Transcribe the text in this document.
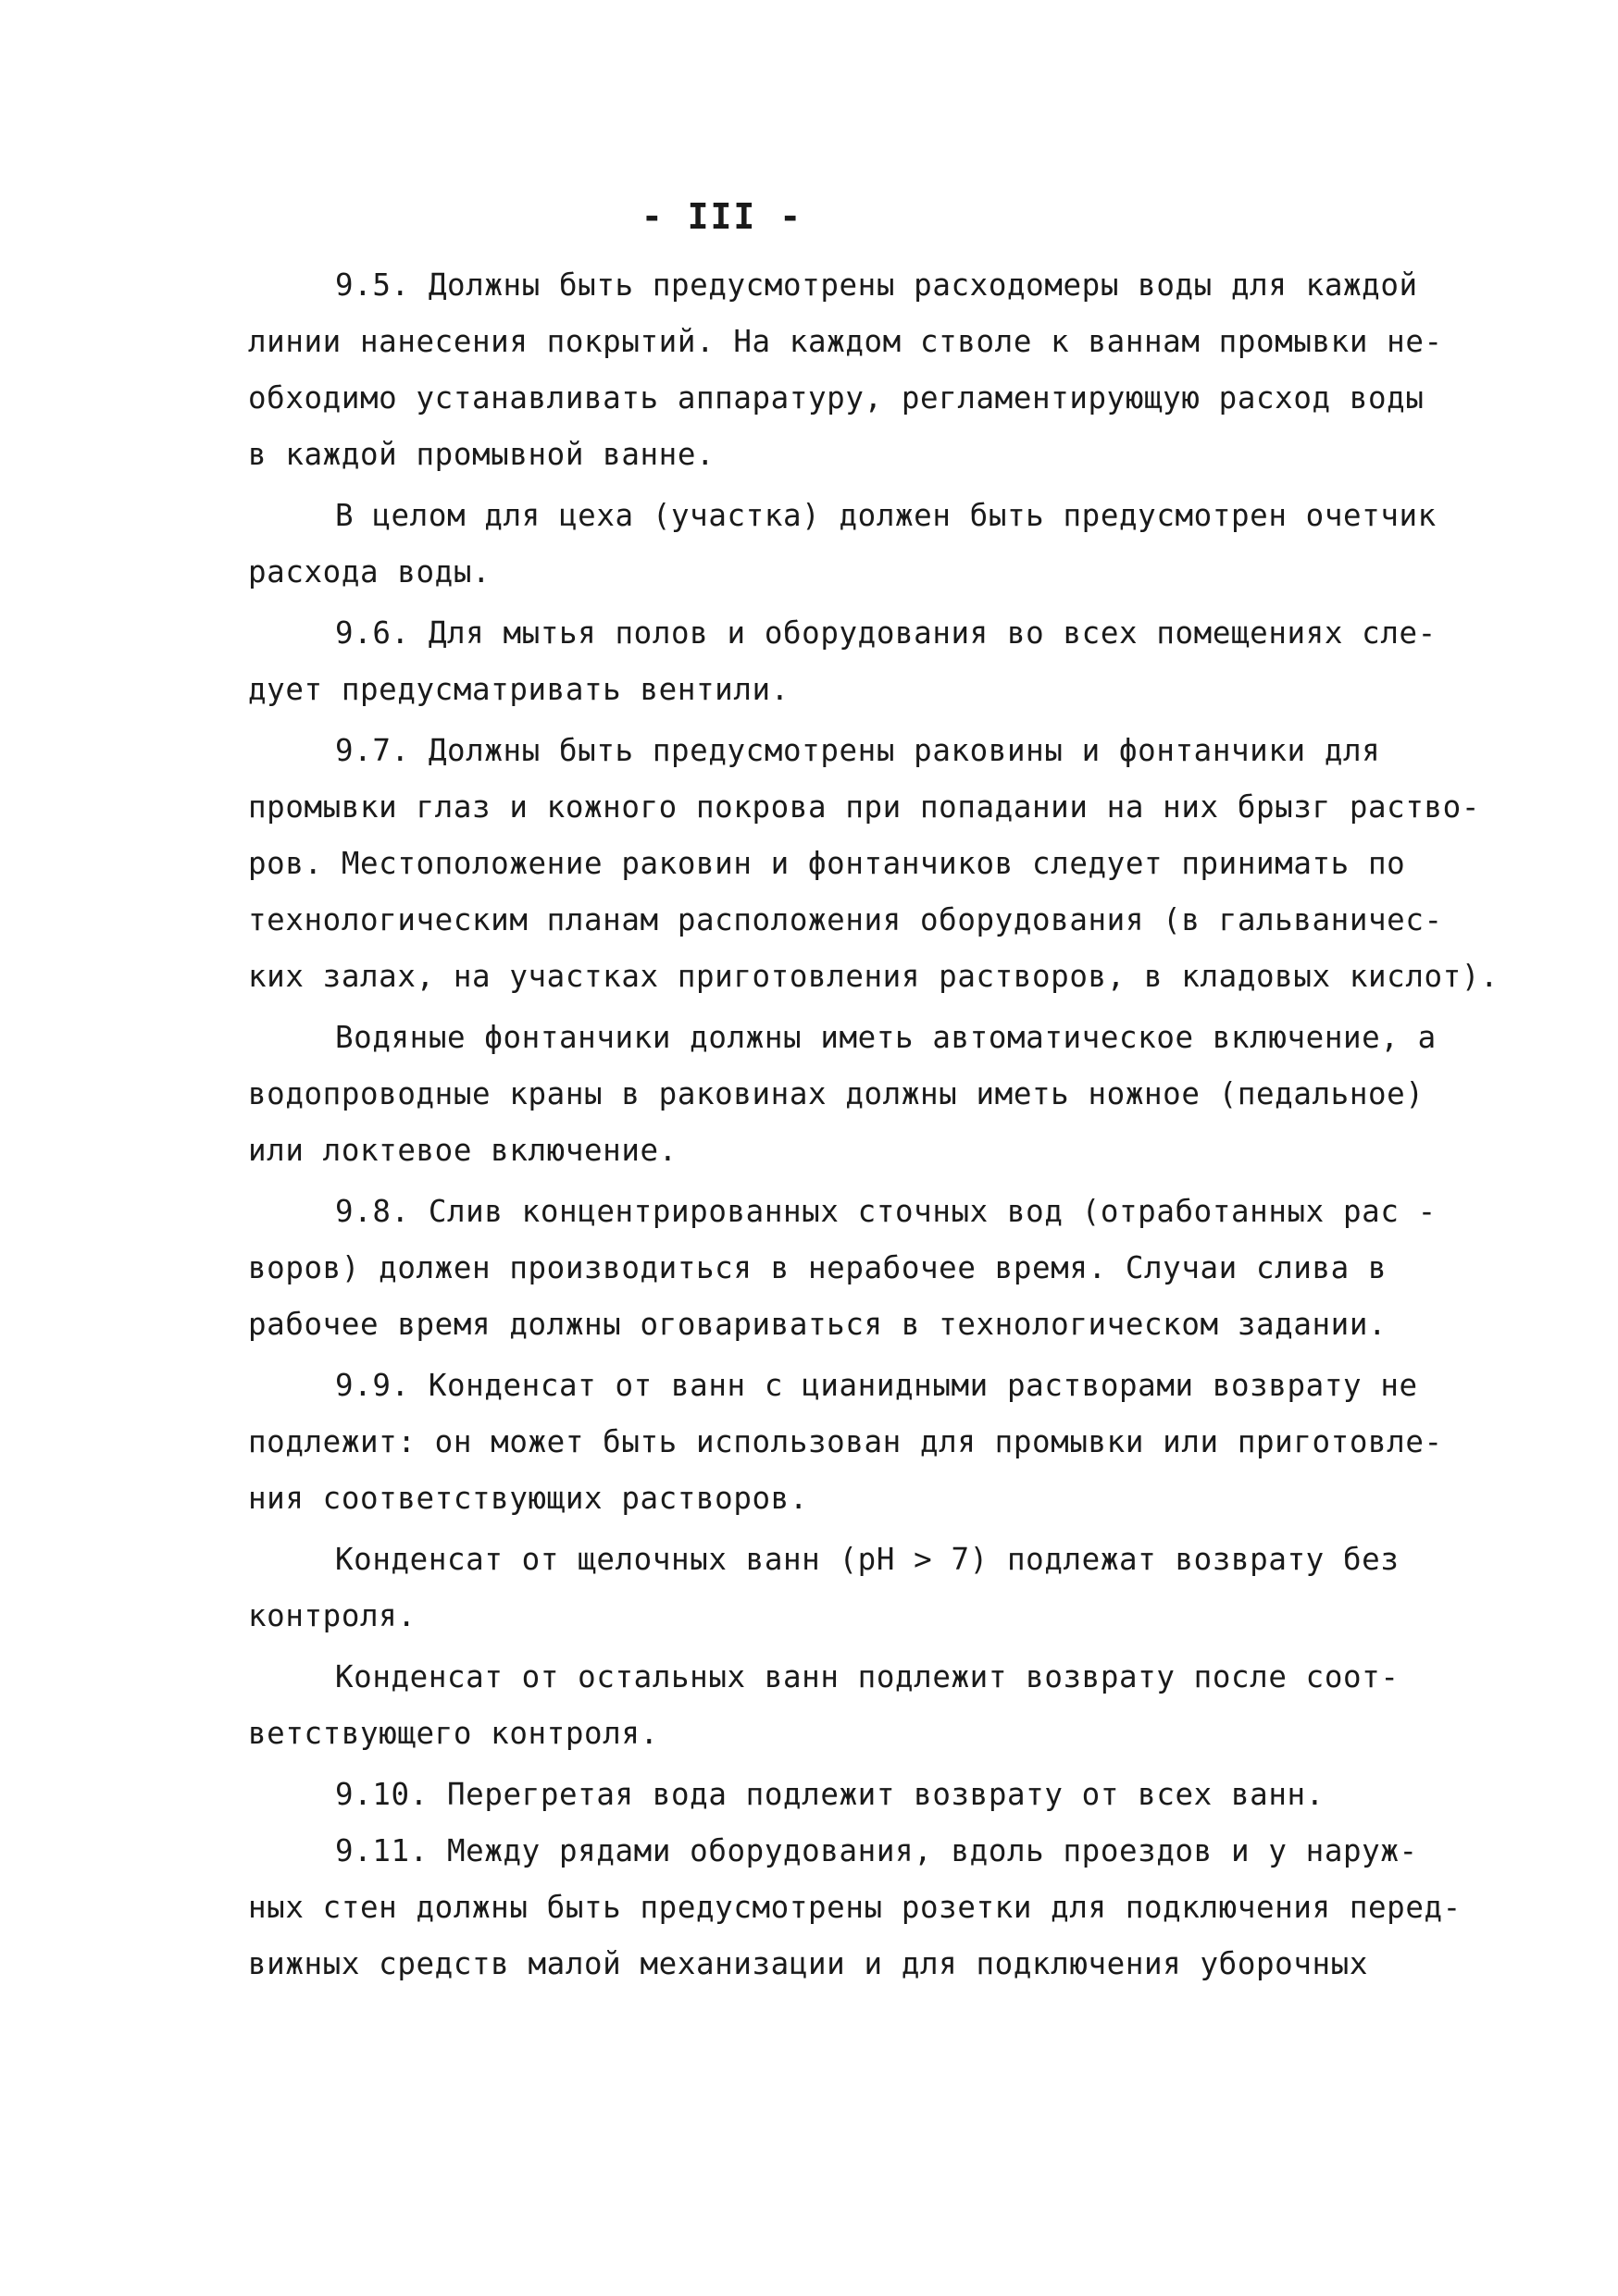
- III -
9.5. Должны быть предусмотрены расходомеры воды для каждой
линии нанесения покрытий. На каждом стволе к ваннам промывки не-
обходимо устанавливать аппаратуру, регламентирующую расход воды
в каждой промывной ванне.
В целом для цеха (участка) должен быть предусмотрен очетчик
расхода воды.
9.6. Для мытья полов и оборудования во всех помещениях сле-
дует предусматривать вентили.
9.7. Должны быть предусмотрены раковины и фонтанчики для
промывки глаз и кожного покрова при попадании на них брызг раство-
ров. Местоположение раковин и фонтанчиков следует принимать по
технологическим планам расположения оборудования (в гальваничес-
ких залах, на участках приготовления растворов, в кладовых кислот).
Водяные фонтанчики должны иметь автоматическое включение, а
водопроводные краны в раковинах должны иметь ножное (педальное)
или локтевое включение.
9.8. Слив концентрированных сточных вод (отработанных рас -
воров) должен производиться в нерабочее время. Случаи слива в
рабочее время должны оговариваться в технологическом задании.
9.9. Конденсат от ванн с цианидными растворами возврату не
подлежит: он может быть использован для промывки или приготовле-
ния соответствующих растворов.
Конденсат от щелочных ванн (рН > 7) подлежат возврату без
контроля.
Конденсат от остальных ванн подлежит возврату после соот-
ветствующего контроля.
9.10. Перегретая вода подлежит возврату от всех ванн.
9.11. Между рядами оборудования, вдоль проездов и у наруж-
ных стен должны быть предусмотрены розетки для подключения перед-
вижных средств малой механизации и для подключения уборочных
